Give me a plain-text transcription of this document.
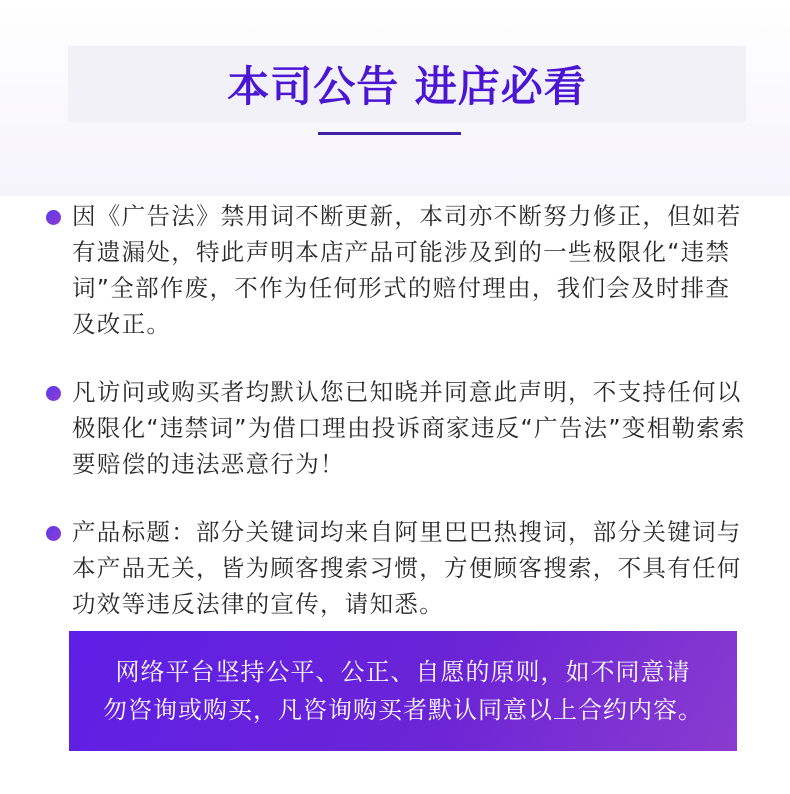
本司公告 进店必看
因《广告法》禁用词不断更新，本司亦不断努力修正，但如若有遗漏处，特此声明本店产品可能涉及到的一些极限化“违禁词”全部作废，不作为任何形式的赔付理由，我们会及时排查及改正。
凡访问或购买者均默认您已知晓并同意此声明，不支持任何以极限化“违禁词”为借口理由投诉商家违反“广告法”变相勒索索要赔偿的违法恶意行为！
产品标题：部分关键词均来自阿里巴巴热搜词，部分关键词与本产品无关，皆为顾客搜索习惯，方便顾客搜索，不具有任何功效等违反法律的宣传，请知悉。
网络平台坚持公平、公正、自愿的原则，如不同意请
勿咨询或购买，凡咨询购买者默认同意以上合约内容。
